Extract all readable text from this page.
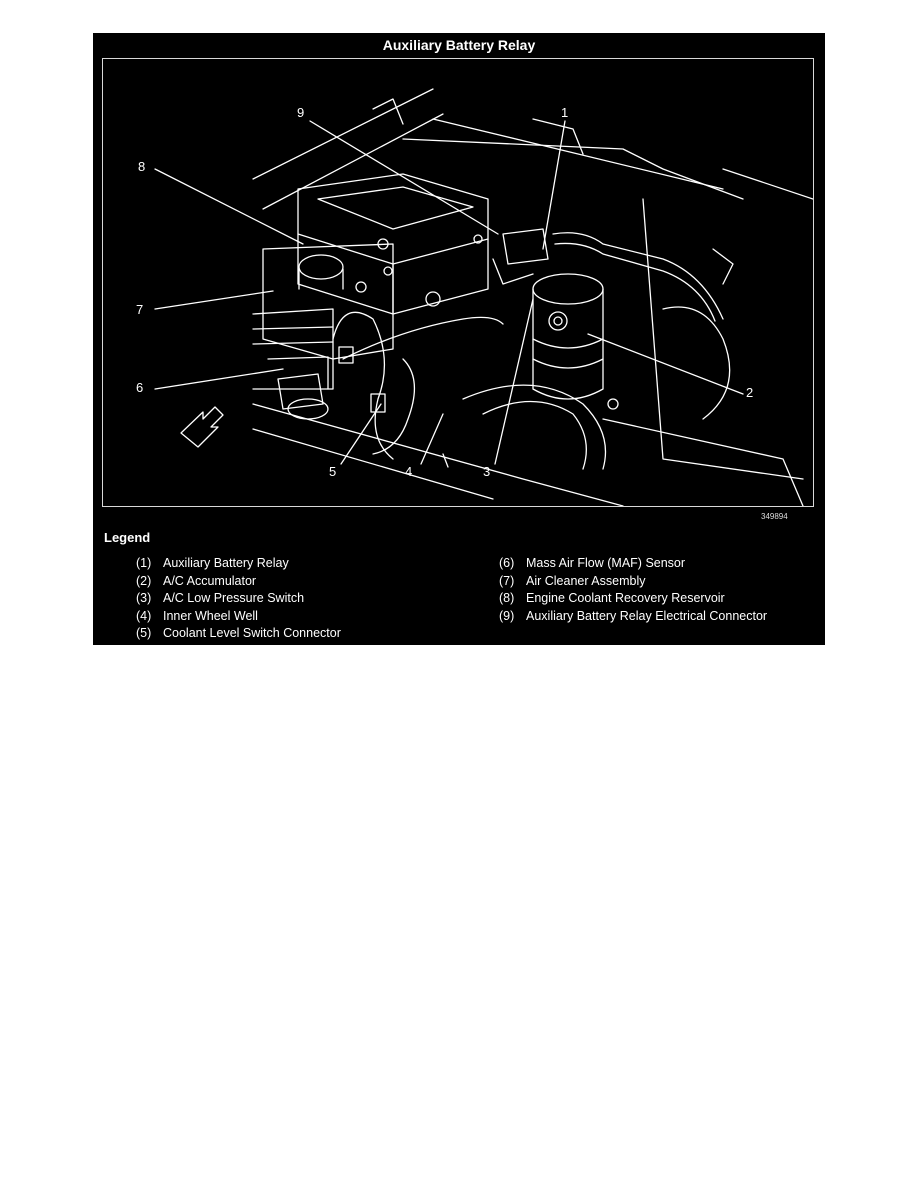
Auxiliary Battery Relay
9	1
8
7
6
5	4	3
2
349894
Legend
(1) Auxiliary Battery Relay
(2) A/C Accumulator
(3) A/C Low Pressure Switch
(4) Inner Wheel Well
(5) Coolant Level Switch Connector
(6) Mass Air Flow (MAF) Sensor
(7) Air Cleaner Assembly
(8) Engine Coolant Recovery Reservoir
(9) Auxiliary Battery Relay Electrical Connector
